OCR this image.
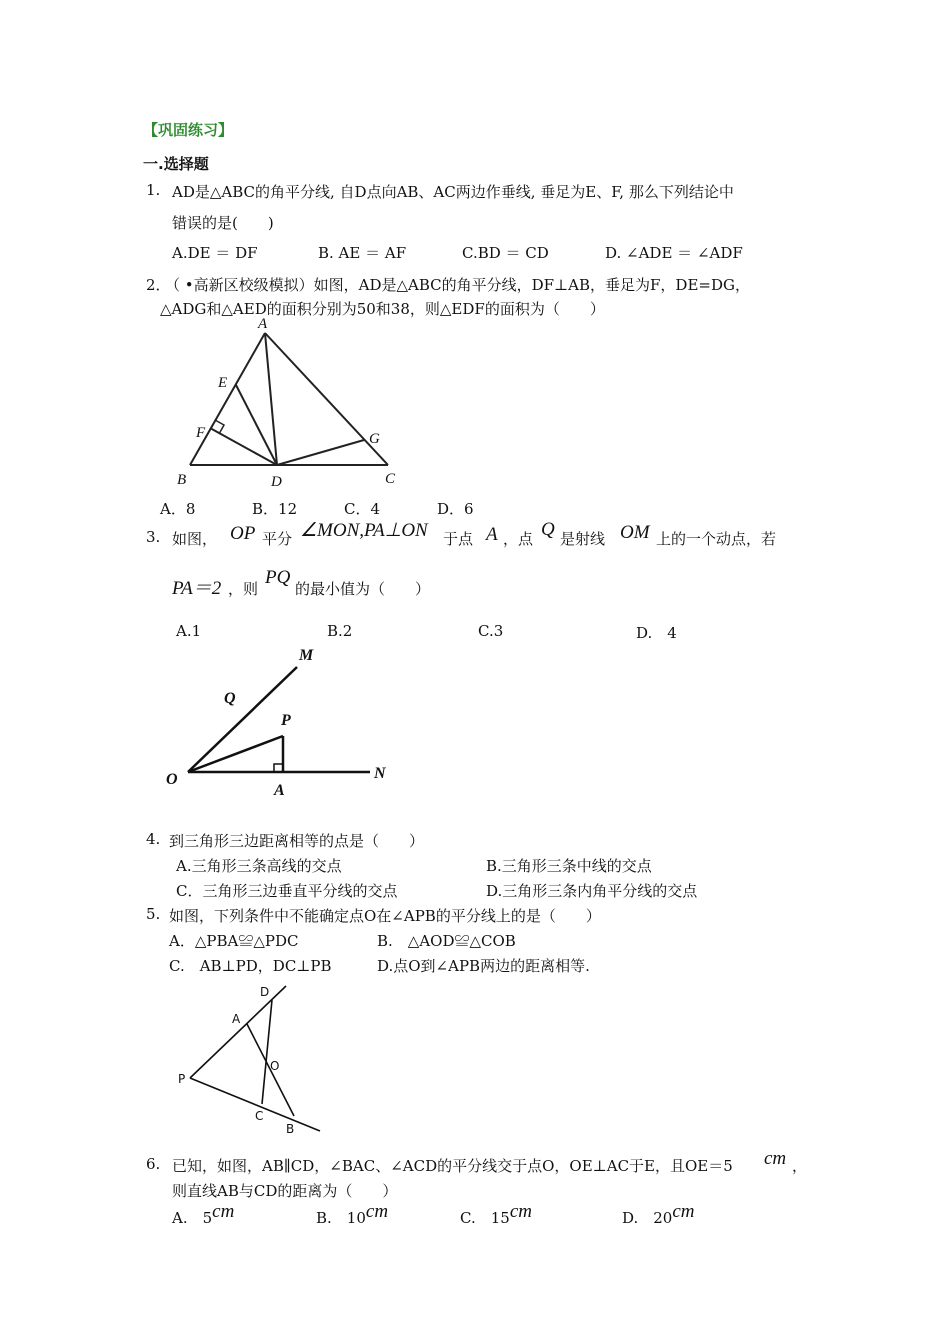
【巩固练习】
一.选择题
1. AD是△ABC的角平分线, 自D点向AB、AC两边作垂线, 垂足为E、F, 那么下列结论中
错误的是(　　)
A.DE ＝ DF	B. AE ＝ AF	C.BD ＝ CD	D. ∠ADE ＝ ∠ADF
2．
（ •高新区校级模拟）如图，AD是△ABC的角平分线，DF⊥AB，垂足为F，DE=DG，
△ADG和△AED的面积分别为50和38，则△EDF的面积为（　　）
A
E
F
B	D
G
C
A．8	B．12	C．4	D．6
3. 如图， OP 平分 ∠MON,PA⊥ON 于点 A ，点 Q 是射线 OM 上的一个动点，若
PA＝2 ，则
PQ
的最小值为（　　）
A.1	B.2	C.3	D.　4
M
Q
P
O
A
N
4. 到三角形三边距离相等的点是（　　）
A.三角形三条高线的交点	B.三角形三条中线的交点
C．三角形三边垂直平分线的交点	D.三角形三条内角平分线的交点
5. 如图，下列条件中不能确定点O在∠APB的平分线上的是（　　）
A．△PBA≌△PDC	B.　△AOD≌△COB
C.　AB⊥PD，DC⊥PB	D.点O到∠APB两边的距离相等.
D
A
O
P
C
B
6. 已知，如图，AB∥CD，∠BAC、∠ACD的平分线交于点O，OE⊥AC于E，且OE＝5 cm ，
则直线AB与CD的距离为（　　）
A.　5cm	B.　10cm	C.　15cm	D.　20cm
